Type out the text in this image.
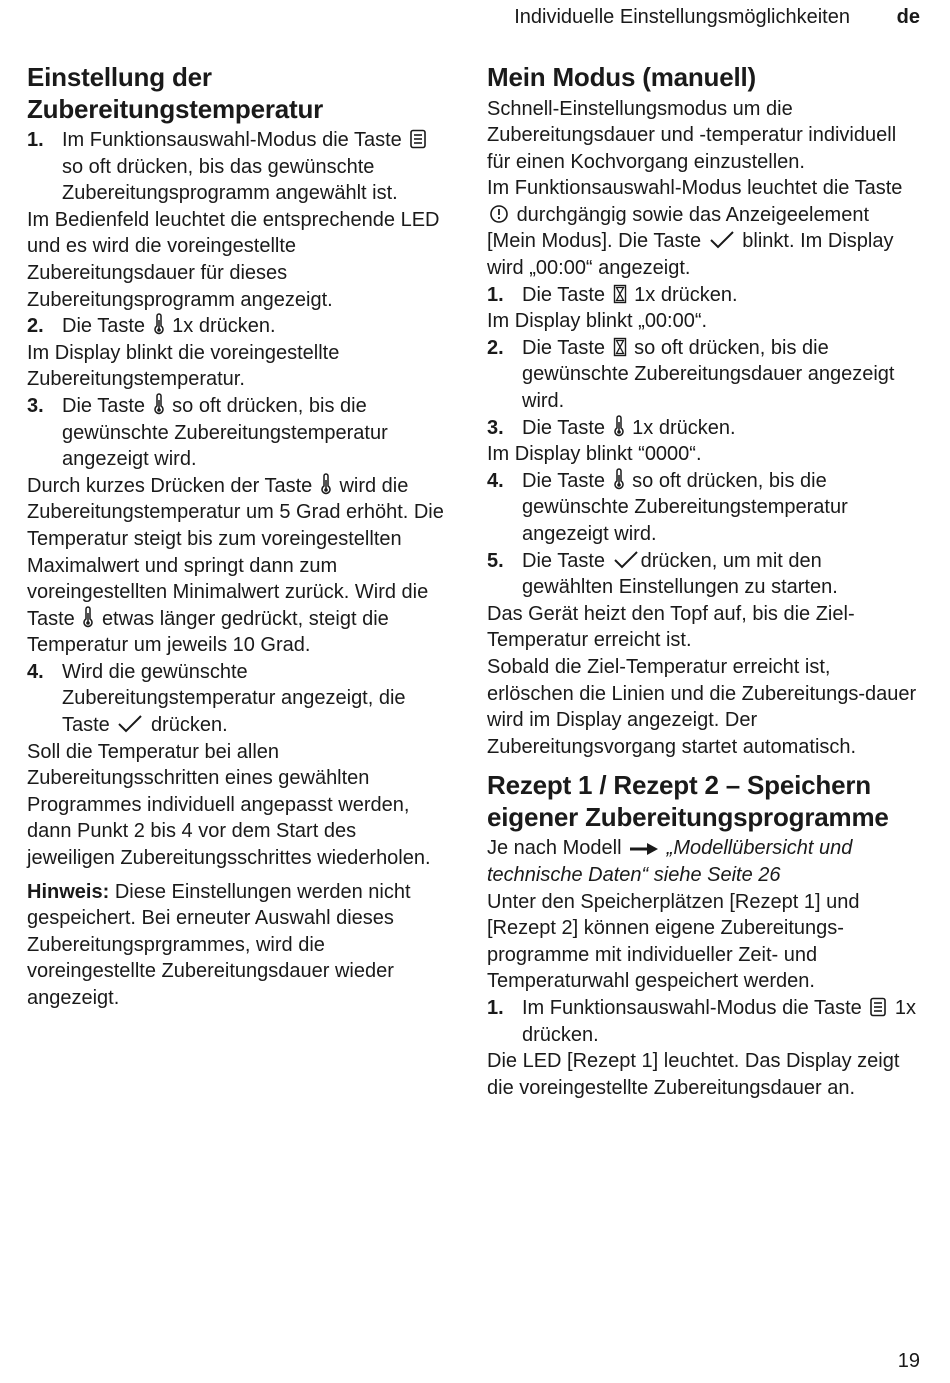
Individuelle Einstellungsmöglichkeiten de
Einstellung der Zubereitungstemperatur
1. Im Funktionsauswahl-Modus die Taste  so oft drücken, bis das gewünschte Zubereitungsprogramm angewählt ist.

Im Bedienfeld leuchtet die entsprechende LED und es wird die voreingestellte Zubereitungsdauer für dieses Zubereitungsprogramm angezeigt.

2. Die Taste 1x drücken.

Im Display blinkt die voreingestellte Zubereitungstemperatur.

3. Die Taste so oft drücken, bis die gewünschte Zubereitungstemperatur angezeigt wird.

Durch kurzes Drücken der Taste wird die Zubereitungstemperatur um 5 Grad erhöht. Die Temperatur steigt bis zum voreingestellten Maximalwert und springt dann zum voreingestellten Minimalwert zurück. Wird die Taste etwas länger gedrückt, steigt die Temperatur um jeweils 10 Grad.

4. Wird die gewünschte Zubereitungstemperatur angezeigt, die Taste drücken.

Soll die Temperatur bei allen Zubereitungsschritten eines gewählten Programmes individuell angepasst werden, dann Punkt 2 bis 4 vor dem Start des jeweiligen Zubereitungsschrittes wiederholen.

Hinweis: Diese Einstellungen werden nicht gespeichert. Bei erneuter Auswahl dieses Zubereitungsprgrammes, wird die voreingestellte Zubereitungsdauer wieder angezeigt.

Mein Modus (manuell)

Schnell-Einstellungsmodus um die Zubereitungsdauer und -temperatur individuell für einen Kochvorgang einzustellen.

Im Funktionsauswahl-Modus leuchtet die Taste  durchgängig sowie das Anzeigeelement [Mein Modus]. Die Taste blinkt. Im Display wird „00:00“ angezeigt.

1. Die Taste 1x drücken.

Im Display blinkt „00:00“.

2. Die Taste so oft drücken, bis die gewünschte Zubereitungsdauer angezeigt wird.
3. Die Taste 1x drücken.

Im Display blinkt “0000“.

4. Die Taste so oft drücken, bis die gewünschte Zubereitungstemperatur angezeigt wird.
5. Die Taste drücken, um mit den gewählten Einstellungen zu starten.

Das Gerät heizt den Topf auf, bis die Ziel-Temperatur erreicht ist.

Sobald die Ziel-Temperatur erreicht ist, erlöschen die Linien und die Zubereitungs-dauer wird im Display angezeigt. Der Zubereitungsvorgang startet automatisch.

Rezept 1 / Rezept 2 – Speichern eigener Zubereitungsprogramme

Je nach Modell „Modellübersicht und technische Daten“ siehe Seite 26

Unter den Speicherplätzen [Rezept 1] und [Rezept 2] können eigene Zubereitungs-programme mit individueller Zeit- und Temperaturwahl gespeichert werden.

1. Im Funktionsauswahl-Modus die Taste 1x drücken.

Die LED [Rezept 1] leuchtet. Das Display zeigt die voreingestellte Zubereitungsdauer an.

19
